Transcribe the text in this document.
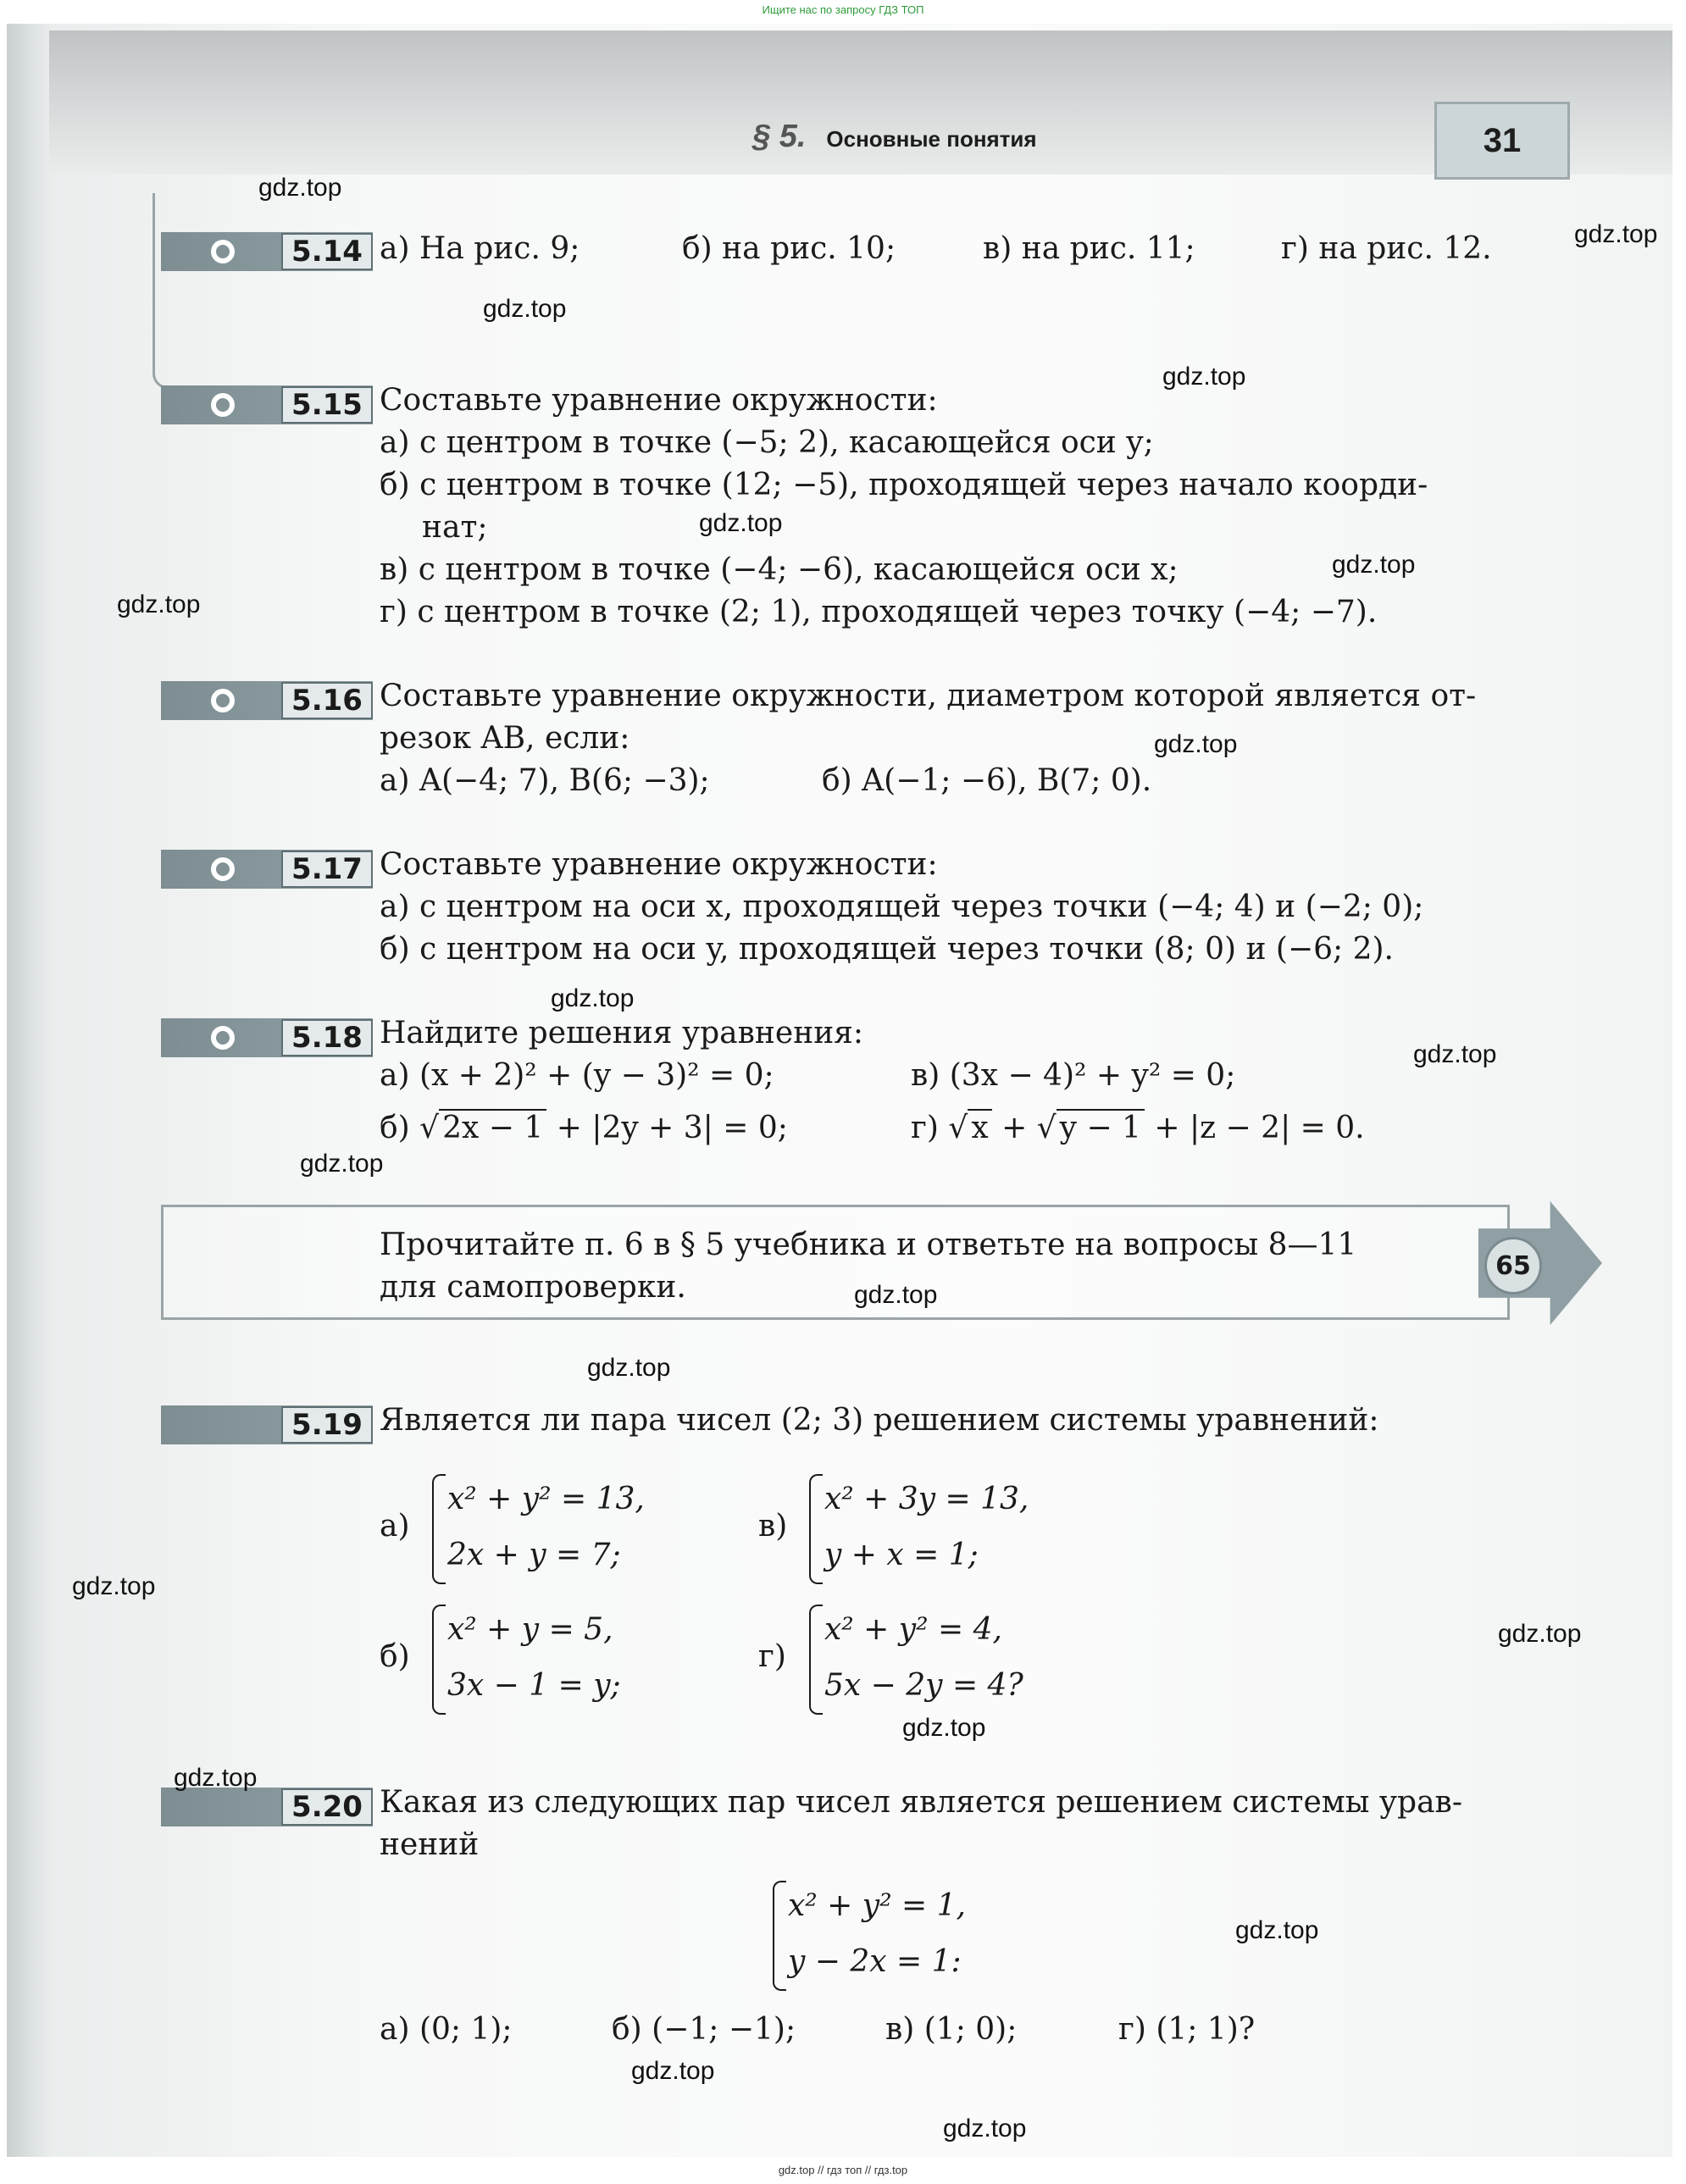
Ищите нас по запросу ГДЗ ТОП
§ 5. Основные понятия	31
5.14 а) На рис. 9;	б) на рис. 10;	в) на рис. 11;	г) на рис. 12.
5.15 Составьте уравнение окружности:
а) с центром в точке (−5; 2), касающейся оси y;
б) с центром в точке (12; −5), проходящей через начало коорди-
нат;
в) с центром в точке (−4; −6), касающейся оси x;
г) с центром в точке (2; 1), проходящей через точку (−4; −7).
5.16 Составьте уравнение окружности, диаметром которой является от-
резок AB, если:
а) A(−4; 7), B(6; −3);	б) A(−1; −6), B(7; 0).
5.17 Составьте уравнение окружности:
а) с центром на оси x, проходящей через точки (−4; 4) и (−2; 0);
б) с центром на оси y, проходящей через точки (8; 0) и (−6; 2).
5.18 Найдите решения уравнения:
а) (x + 2)² + (y − 3)² = 0;	в) (3x − 4)² + y² = 0;
б) √ 2x − 1 + |2y + 3| = 0;	г) √ x + √ y − 1 + |z − 2| = 0.
65
Прочитайте п. 6 в § 5 учебника и ответьте на вопросы 8—11
для самопроверки.
5.19 Является ли пара чисел (2; 3) решением системы уравнений:
а)
x² + y² = 13,
2x + y = 7;
в)
x² + 3y = 13,
y + x = 1;
б)
x² + y = 5,
3x − 1 = y;
г)
x² + y² = 4,
5x − 2y = 4?
5.20 Какая из следующих пар чисел является решением системы урав-
нений
x² + y² = 1,
y − 2x = 1:
а) (0; 1);	б) (−1; −1);	в) (1; 0);	г) (1; 1)?
gdz.top
gdz.top
gdz.top
gdz.top
gdz.top
gdz.top
gdz.top
gdz.top
gdz.top
gdz.top
gdz.top
gdz.top
gdz.top
gdz.top
gdz.top
gdz.top
gdz.top
gdz.top
gdz.top
gdz.top
gdz.top // гдз топ // гдз.top
